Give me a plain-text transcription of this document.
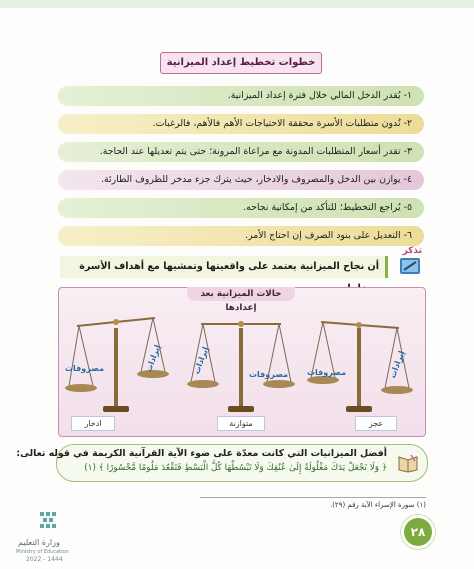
خطوات تخطيط إعداد الميزانية
١- يُقدر الدخل المالي خلال فترة إعداد الميزانية.
٢- تُدون متطلبات الأسرة محققة الاحتياجات الأهم فالأهم، فالرغبات.
٣- تقدر أسعار المتطلبات المدونة مع مراعاة المرونة؛ حتى يتم تعديلها عند الحاجة.
٤- يوازن بين الدخل والمصروف والادخار، حيث يترك جزء مدخر للظروف الطارئة.
٥- يُراجع التخطيط؛ للتأكد من إمكانية نجاحه.
٦- التعديل على بنود الصرف إن احتاج الأمر.
تذكر
أن نجاح الميزانية يعتمد على واقعيتها وتمشيها مع أهداف الأسرة
حالات الميزانية بعد إعدادها
مصروفات	إيرادات	إيرادات	مصروفات مصروفات	إيرادات
ادخار	متوازنة	عجز
أفضل الميزانيات التي كانت معدّة على ضوء الآية القرآنية الكريمة في قوله تعالى:
﴿ وَلَا تَجْعَلْ يَدَكَ مَغْلُولَةً إِلَىٰ عُنُقِكَ وَلَا تَبْسُطْهَا كُلَّ الْبَسْطِ فَتَقْعُدَ مَلُومًا مَّحْسُورًا ﴾ (١)
(١) سورة الإسراء الآية رقم (٢٩).
٢٨
وزارة التعليم
Ministry of Education
2022 - 1444
